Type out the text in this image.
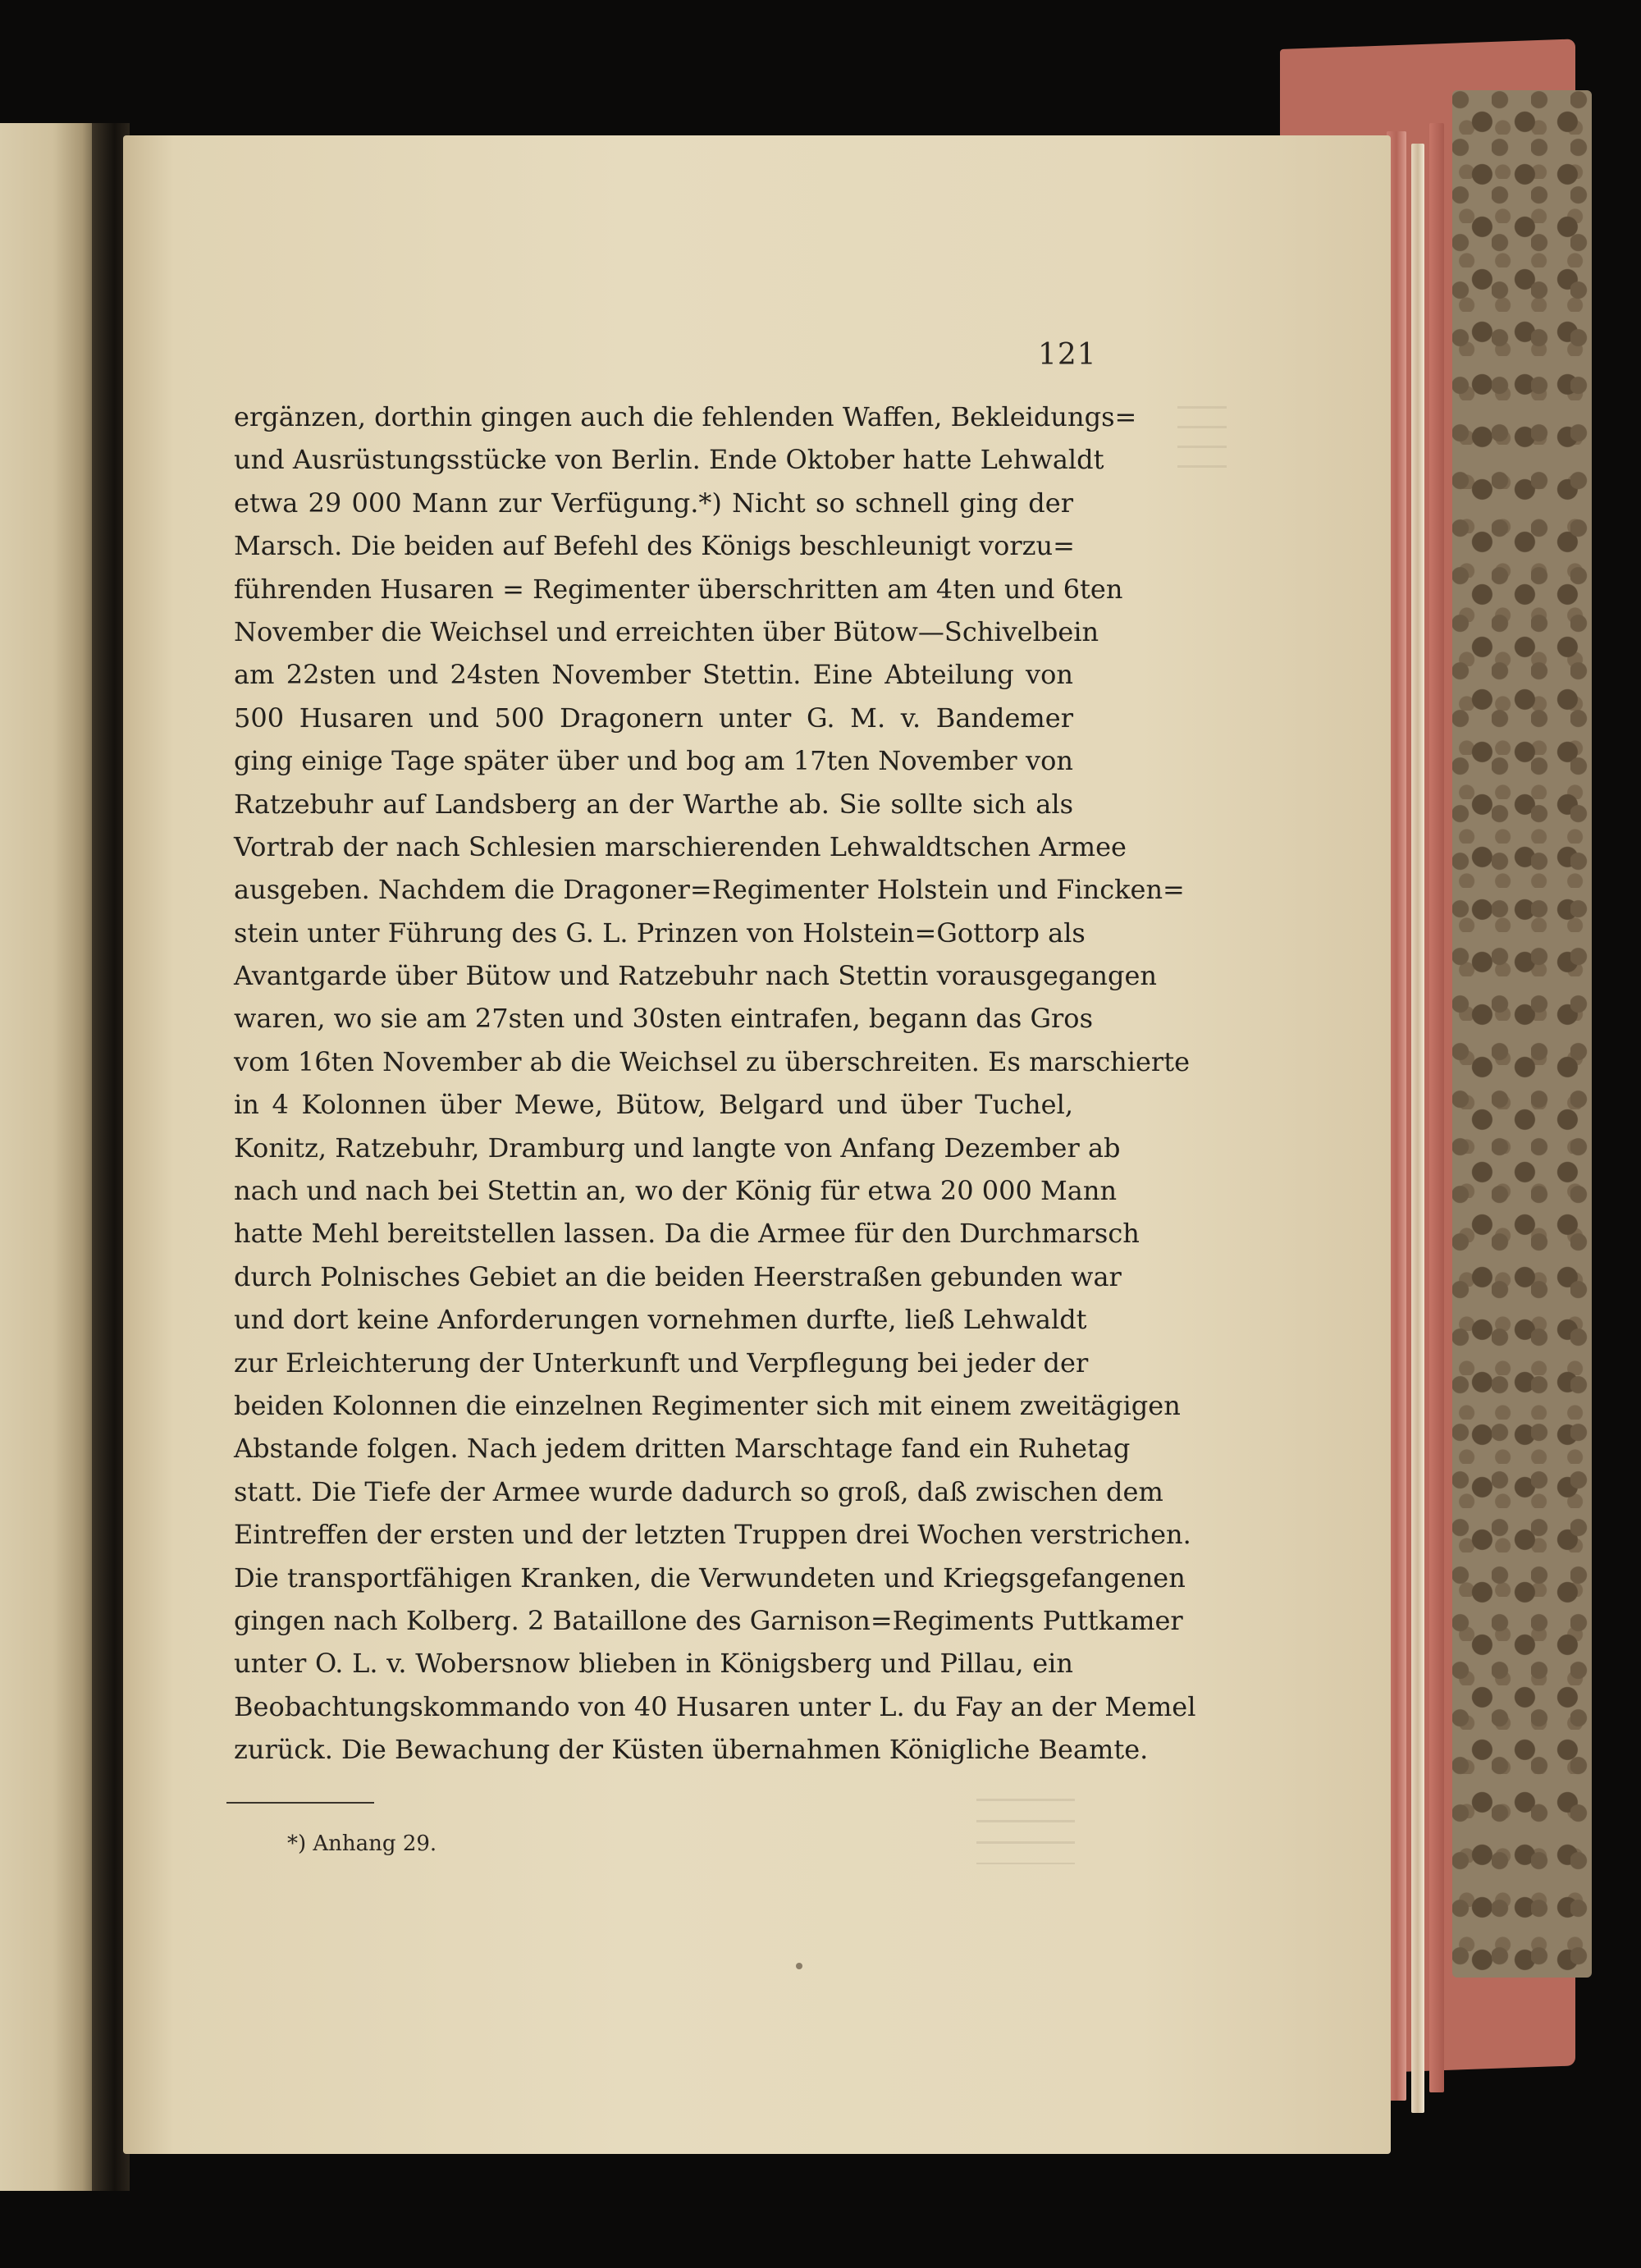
121
ergänzen, dorthin gingen auch die fehlenden Waffen, Bekleidungs=
und Ausrüstungsstücke von Berlin. Ende Oktober hatte Lehwaldt
etwa 29 000 Mann zur Verfügung.*) Nicht so schnell ging der
Marsch. Die beiden auf Befehl des Königs beschleunigt vorzu=
führenden Husaren = Regimenter überschritten am 4ten und 6ten
November die Weichsel und erreichten über Bütow—Schivelbein
am 22sten und 24sten November Stettin. Eine Abteilung von
500 Husaren und 500 Dragonern unter G. M. v. Bandemer
ging einige Tage später über und bog am 17ten November von
Ratzebuhr auf Landsberg an der Warthe ab. Sie sollte sich als
Vortrab der nach Schlesien marschierenden Lehwaldtschen Armee
ausgeben. Nachdem die Dragoner=Regimenter Holstein und Fincken=
stein unter Führung des G. L. Prinzen von Holstein=Gottorp als
Avantgarde über Bütow und Ratzebuhr nach Stettin vorausgegangen
waren, wo sie am 27sten und 30sten eintrafen, begann das Gros
vom 16ten November ab die Weichsel zu überschreiten. Es marschierte
in 4 Kolonnen über Mewe, Bütow, Belgard und über Tuchel,
Konitz, Ratzebuhr, Dramburg und langte von Anfang Dezember ab
nach und nach bei Stettin an, wo der König für etwa 20 000 Mann
hatte Mehl bereitstellen lassen. Da die Armee für den Durchmarsch
durch Polnisches Gebiet an die beiden Heerstraßen gebunden war
und dort keine Anforderungen vornehmen durfte, ließ Lehwaldt
zur Erleichterung der Unterkunft und Verpflegung bei jeder der
beiden Kolonnen die einzelnen Regimenter sich mit einem zweitägigen
Abstande folgen. Nach jedem dritten Marschtage fand ein Ruhetag
statt. Die Tiefe der Armee wurde dadurch so groß, daß zwischen dem
Eintreffen der ersten und der letzten Truppen drei Wochen verstrichen.
Die transportfähigen Kranken, die Verwundeten und Kriegsgefangenen
gingen nach Kolberg. 2 Bataillone des Garnison=Regiments Puttkamer
unter O. L. v. Wobersnow blieben in Königsberg und Pillau, ein
Beobachtungskommando von 40 Husaren unter L. du Fay an der Memel
zurück. Die Bewachung der Küsten übernahmen Königliche Beamte.
*) Anhang 29.
